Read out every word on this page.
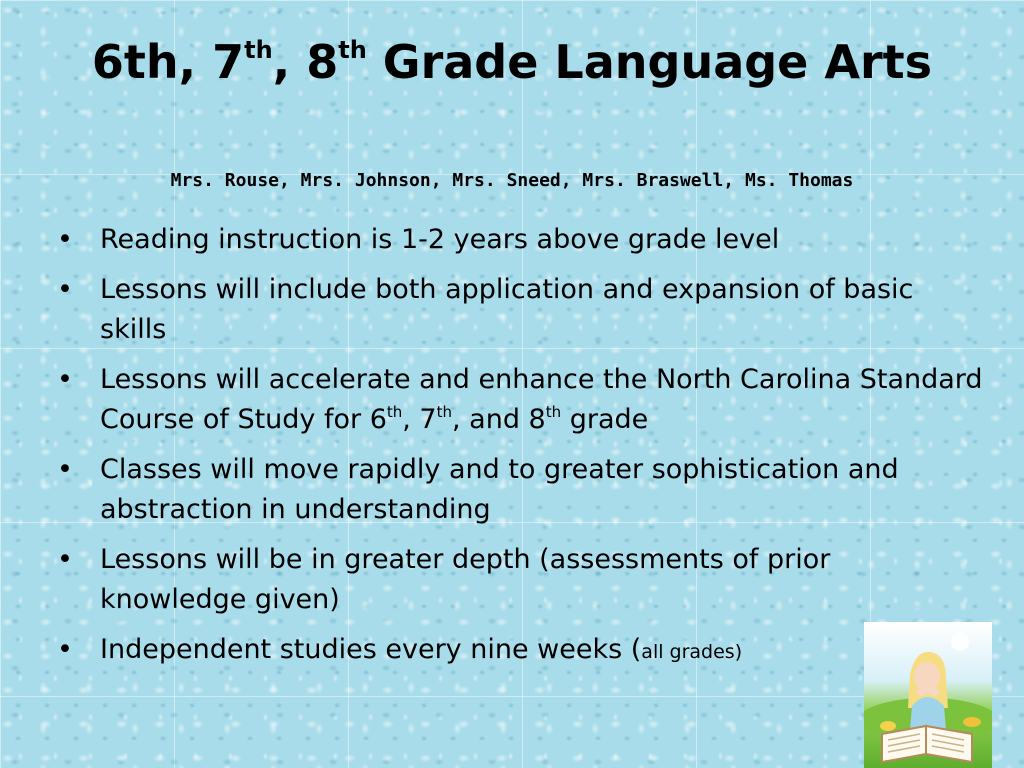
6th, 7th, 8th Grade Language Arts
Mrs. Rouse, Mrs. Johnson, Mrs. Sneed, Mrs. Braswell, Ms. Thomas
• Reading instruction is 1-2 years above grade level
• Lessons will include both application and expansion of basic skills
• Lessons will accelerate and enhance the North Carolina Standard Course of Study for 6th, 7th, and 8th grade
• Classes will move rapidly and to greater sophistication and abstraction in understanding
• Lessons will be in greater depth (assessments of prior knowledge given)
• Independent studies every nine weeks (all grades)
